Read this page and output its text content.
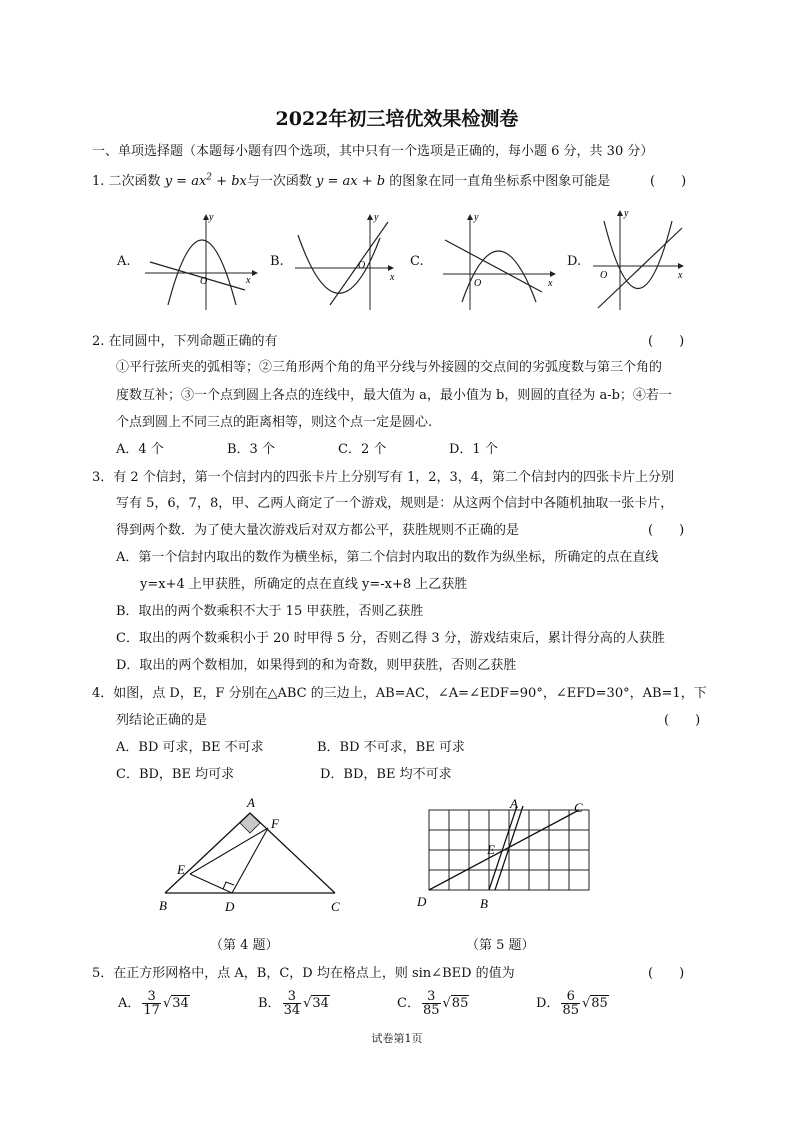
2022年初三培优效果检测卷
一、单项选择题（本题每小题有四个选项，其中只有一个选项是正确的，每小题 6 分，共 30 分）
1. 二次函数 $y = ax^2$ + bx与一次函数 y = ax + b 的图象在同一直角坐标系中图象可能是	(　　)
A.	B.	C.	D.
y
x
O
y
x
O
y
x
O
y
x
O
2. 在同圆中，下列命题正确的有	(　　)
①平行弦所夹的弧相等；②三角形两个角的角平分线与外接圆的交点间的劣弧度数与第三个角的
度数互补；③一个点到圆上各点的连线中，最大值为 a，最小值为 b，则圆的直径为 a-b；④若一
个点到圆上不同三点的距离相等，则这个点一定是圆心.
A．4 个	B．3 个	C．2 个	D．1 个
3．有 2 个信封，第一个信封内的四张卡片上分别写有 1，2，3，4，第二个信封内的四张卡片上分别
写有 5，6，7，8，甲、乙两人商定了一个游戏，规则是：从这两个信封中各随机抽取一张卡片，
得到两个数．为了使大量次游戏后对双方都公平，获胜规则不正确的是	(　　)
A．第一个信封内取出的数作为横坐标，第二个信封内取出的数作为纵坐标，所确定的点在直线
y=x+4 上甲获胜，所确定的点在直线 y=-x+8 上乙获胜
B．取出的两个数乘积不大于 15 甲获胜，否则乙获胜
C．取出的两个数乘积小于 20 时甲得 5 分，否则乙得 3 分，游戏结束后，累计得分高的人获胜
D．取出的两个数相加，如果得到的和为奇数，则甲获胜，否则乙获胜
4．如图，点 D，E，F 分别在△ABC 的三边上，AB=AC，∠A=∠EDF=90°，∠EFD=30°，AB=1，下
列结论正确的是	(　　)
A．BD 可求，BE 不可求	B．BD 不可求，BE 可求
C．BD，BE 均可求	D．BD，BE 均不可求
A
F
E
B	D	C
（第 4 题）
A	C
E
D	B
（第 5 题）
5．在正方形网格中，点 A，B，C，D 均在格点上，则 sin∠BED 的值为	(　　)
A． $\frac{3}{17} √34$	B． $\frac{3}{34} √34$	C． $\frac{3}{85} √85$	D． $\frac{6}{85} √85$
试卷第1页
